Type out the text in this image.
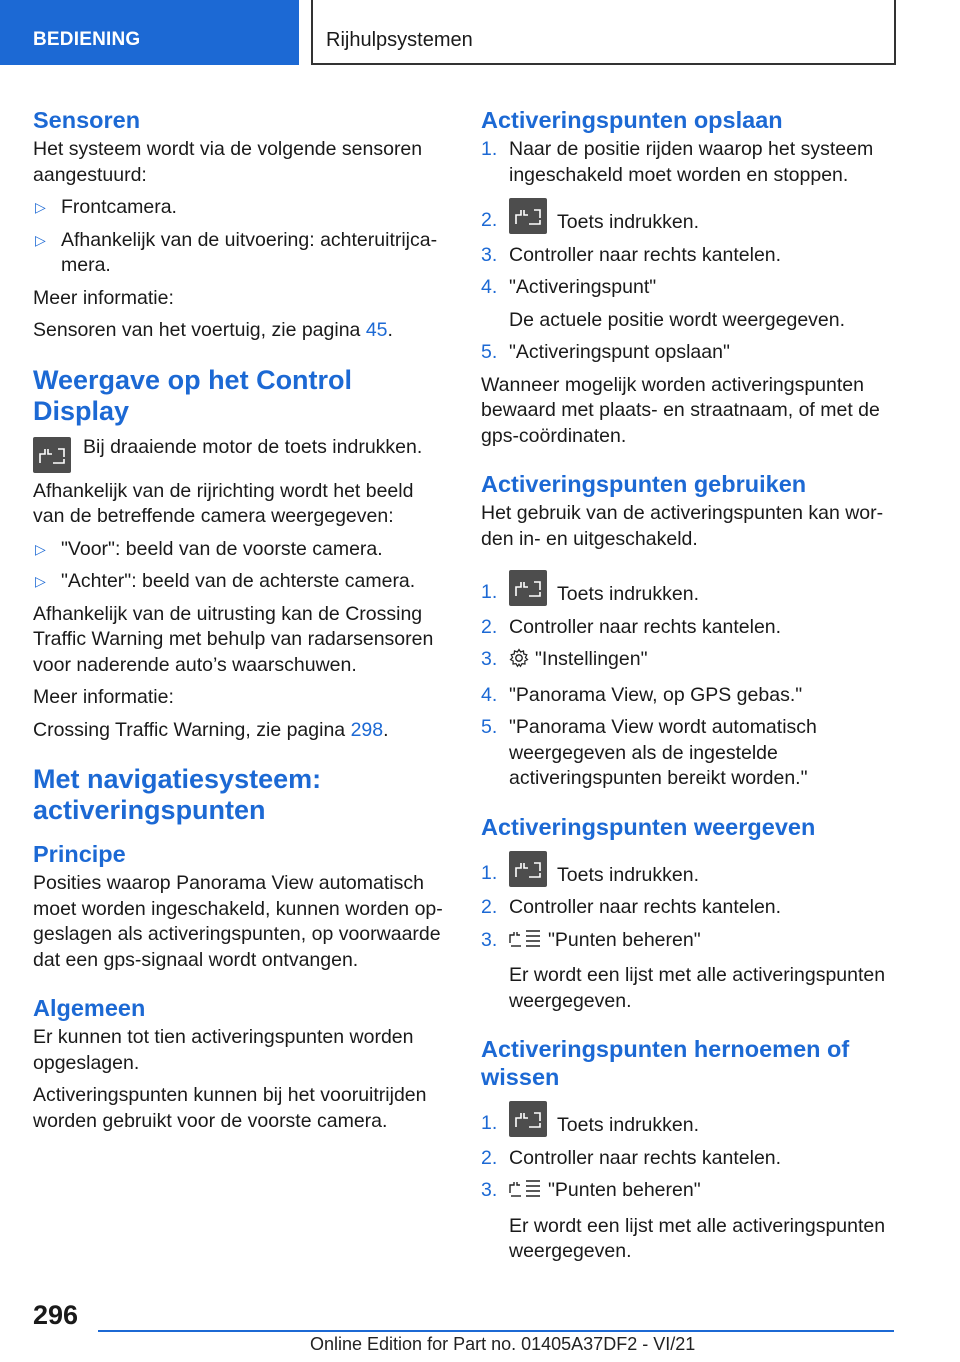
BEDIENING	Rijhulpsystemen
Sensoren

Het systeem wordt via de volgende sensoren aangestuurd:

▷ Frontcamera.
▷ Afhankelijk van de uitvoering: achteruitrijcamera.

Meer informatie:

Sensoren van het voertuig, zie pagina 45.

Weergave op het Control Display

Bij draaiende motor de toets indrukken.

Afhankelijk van de rijrichting wordt het beeld van de betreffende camera weergegeven:

▷ "Voor": beeld van de voorste camera.
▷ "Achter": beeld van de achterste camera.

Afhankelijk van de uitrusting kan de Crossing Traffic Warning met behulp van radarsensoren voor naderende auto’s waarschuwen.

Meer informatie:

Crossing Traffic Warning, zie pagina 298.

Met navigatiesysteem: activeringspunten
Principe

Posities waarop Panorama View automatisch moet worden ingeschakeld, kunnen worden opgeslagen als activeringspunten, op voorwaarde dat een gps-signaal wordt ontvangen.

Algemeen

Er kunnen tot tien activeringspunten worden opgeslagen.

Activeringspunten kunnen bij het vooruitrijden worden gebruikt voor de voorste camera.

Activeringspunten opslaan
1. Naar de positie rijden waarop het systeem ingeschakeld moet worden en stoppen.
2.	Toets indrukken.
3. Controller naar rechts kantelen.
4. "Activeringspunt"
De actuele positie wordt weergegeven.
5. "Activeringspunt opslaan"

Wanneer mogelijk worden activeringspunten bewaard met plaats- en straatnaam, of met de gps-coördinaten.

Activeringspunten gebruiken

Het gebruik van de activeringspunten kan worden in- en uitgeschakeld.

1.	Toets indrukken.
2. Controller naar rechts kantelen.
3. "Instellingen"
4. "Panorama View, op GPS gebas."
5. "Panorama View wordt automatisch weergegeven als de ingestelde activeringspunten bereikt worden."
Activeringspunten weergeven
1.	Toets indrukken.
2. Controller naar rechts kantelen.
3.	"Punten beheren"
Er wordt een lijst met alle activeringspunten weergegeven.
Activeringspunten hernoemen of wissen
1.	Toets indrukken.
2. Controller naar rechts kantelen.
3.	"Punten beheren"
Er wordt een lijst met alle activeringspunten weergegeven.
296
Online Edition for Part no. 01405A37DF2 - VI/21
